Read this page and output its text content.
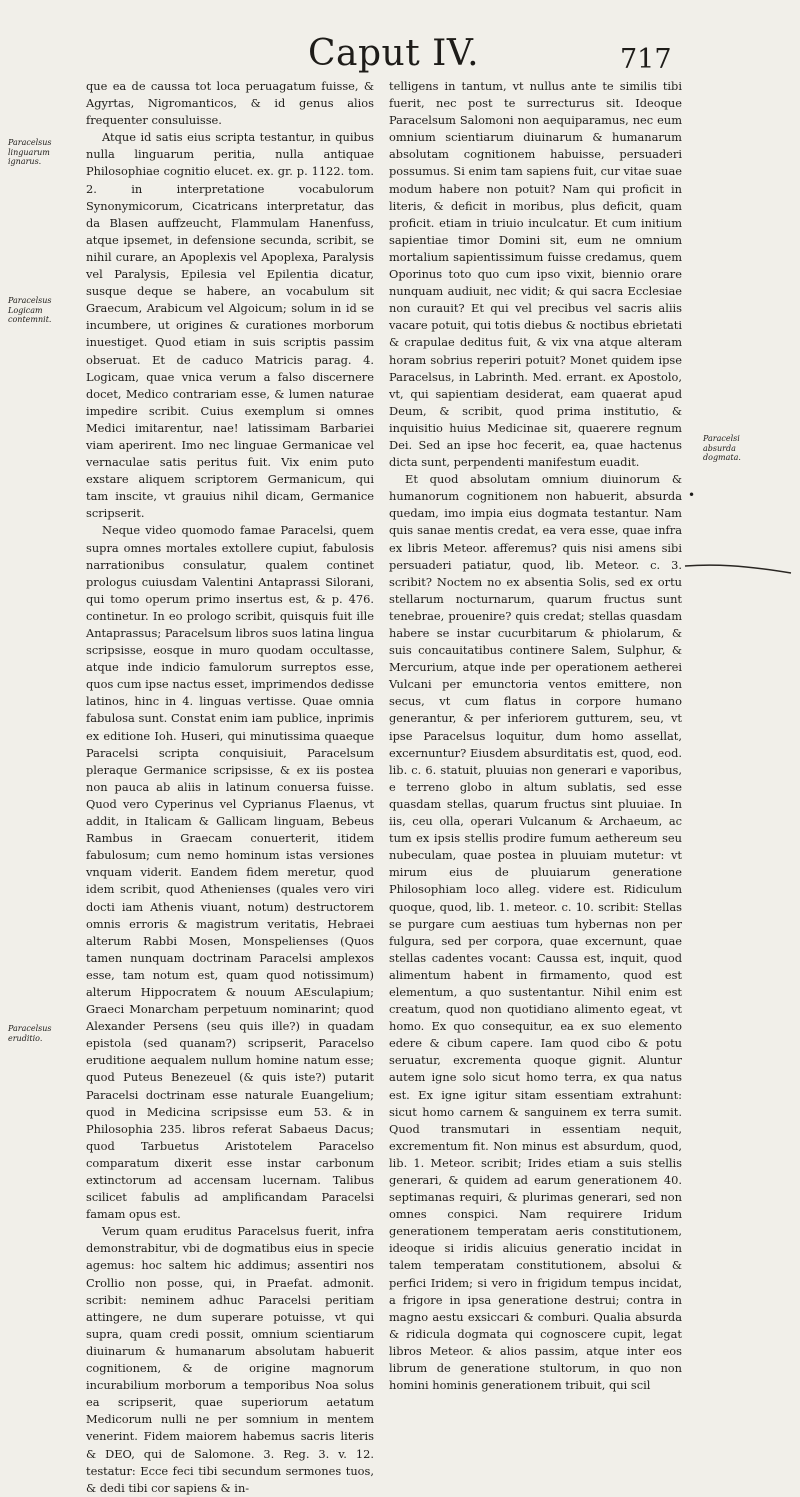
Caput IV.	717
Paracelsus linguarum ignarus.
Paracelsus Logicam contemnit.
Paracelsus eruditio.
Paracelsi absurda dogmata.

que ea de caussa tot loca peruagatum fuisse, & Agyrtas, Nigromanticos, & id genus alios frequenter consuluisse.

Atque id satis eius scripta testantur, in quibus nulla linguarum peritia, nulla antiquae Philosophiae cognitio elucet. ex. gr. p. 1122. tom. 2. in interpretatione vocabulorum Synonymicorum, Cicatricans interpretatur, das da Blasen auffzeucht, Flammulam Hanenfuss, atque ipsemet, in defensione secunda, scribit, se nihil curare, an Apoplexis vel Apoplexa, Paralysis vel Paralysis, Epilesia vel Epilentia dicatur, susque deque se habere, an vocabulum sit Graecum, Arabicum vel Algoicum; solum in id se incumbere, ut origines & curationes morborum inuestiget. Quod etiam in suis scriptis passim obseruat. Et de caduco Matricis parag. 4. Logicam, quae vnica verum a falso discernere docet, Medico contrariam esse, & lumen naturae impedire scribit. Cuius exemplum si omnes Medici imitarentur, nae! latissimam Barbariei viam aperirent. Imo nec linguae Germanicae vel vernaculae satis peritus fuit. Vix enim puto exstare aliquem scriptorem Germanicum, qui tam inscite, vt grauius nihil dicam, Germanice scripserit.

Neque video quomodo famae Paracelsi, quem supra omnes mortales extollere cupiut, fabulosis narrationibus consulatur, qualem continet prologus cuiusdam Valentini Antaprassi Silorani, qui tomo operum primo insertus est, & p. 476. continetur. In eo prologo scribit, quisquis fuit ille Antaprassus; Paracelsum libros suos latina lingua scripsisse, eosque in muro quodam occultasse, atque inde indicio famulorum surreptos esse, quos cum ipse nactus esset, imprimendos dedisse latinos, hinc in 4. linguas vertisse. Quae omnia fabulosa sunt. Constat enim iam publice, inprimis ex editione Ioh. Huseri, qui minutissima quaeque Paracelsi scripta conquisiuit, Paracelsum pleraque Germanice scripsisse, & ex iis postea non pauca ab aliis in latinum conuersa fuisse. Quod vero Cyperinus vel Cyprianus Flaenus, vt addit, in Italicam & Gallicam linguam, Bebeus Rambus in Graecam conuerterit, itidem fabulosum; cum nemo hominum istas versiones vnquam viderit. Eandem fidem meretur, quod idem scribit, quod Athenienses (quales vero viri docti iam Athenis viuant, notum) destructorem omnis erroris & magistrum veritatis, Hebraei alterum Rabbi Mosen, Monspelienses (Quos tamen nunquam doctrinam Paracelsi amplexos esse, tam notum est, quam quod notissimum) alterum Hippocratem & nouum AEsculapium; Graeci Monarcham perpetuum nominarint; quod Alexander Persens (seu quis ille?) in quadam epistola (sed quanam?) scripserit, Paracelso eruditione aequalem nullum homine natum esse; quod Puteus Benezeuel (& quis iste?) putarit Paracelsi doctrinam esse naturale Euangelium; quod in Medicina scripsisse eum 53. & in Philosophia 235. libros referat Sabaeus Dacus; quod Tarbuetus Aristotelem Paracelso comparatum dixerit esse instar carbonum extinctorum ad accensam lucernam. Talibus scilicet fabulis ad amplificandam Paracelsi famam opus est.

Verum quam eruditus Paracelsus fuerit, infra demonstrabitur, vbi de dogmatibus eius in specie agemus: hoc saltem hic addimus; assentiri nos Crollio non posse, qui, in Praefat. admonit. scribit: neminem adhuc Paracelsi peritiam attingere, ne dum superare potuisse, vt qui supra, quam credi possit, omnium scientiarum diuinarum & humanarum absolutam habuerit cognitionem, & de origine magnorum incurabilium morborum a temporibus Noa solus ea scripserit, quae superiorum aetatum Medicorum nulli ne per somnium in mentem venerint. Fidem maiorem habemus sacris literis & DEO, qui de Salomone. 3. Reg. 3. v. 12. testatur: Ecce feci tibi secundum sermones tuos, & dedi tibi cor sapiens & in-

telligens in tantum, vt nullus ante te similis tibi fuerit, nec post te surrecturus sit. Ideoque Paracelsum Salomoni non aequiparamus, nec eum omnium scientiarum diuinarum & humanarum absolutam cognitionem habuisse, persuaderi possumus. Si enim tam sapiens fuit, cur vitae suae modum habere non potuit? Nam qui proficit in literis, & deficit in moribus, plus deficit, quam proficit. etiam in triuio inculcatur. Et cum initium sapientiae timor Domini sit, eum ne omnium mortalium sapientissimum fuisse credamus, quem Oporinus toto quo cum ipso vixit, biennio orare nunquam audiuit, nec vidit; & qui sacra Ecclesiae non curauit? Et qui vel precibus vel sacris aliis vacare potuit, qui totis diebus & noctibus ebrietati & crapulae deditus fuit, & vix vna atque alteram horam sobrius reperiri potuit? Monet quidem ipse Paracelsus, in Labrinth. Med. errant. ex Apostolo, vt, qui sapientiam desiderat, eam quaerat apud Deum, & scribit, quod prima institutio, & inquisitio huius Medicinae sit, quaerere regnum Dei. Sed an ipse hoc fecerit, ea, quae hactenus dicta sunt, perpendenti manifestum euadit.

Et quod absolutam omnium diuinorum & humanorum cognitionem non habuerit, absurda quedam, imo impia eius dogmata testantur. Nam quis sanae mentis credat, ea vera esse, quae infra ex libris Meteor. afferemus? quis nisi amens sibi persuaderi patiatur, quod, lib. Meteor. c. 3. scribit? Noctem no ex absentia Solis, sed ex ortu stellarum nocturnarum, quarum fructus sunt tenebrae, prouenire? quis credat; stellas quasdam habere se instar cucurbitarum & phiolarum, & suis concauitatibus continere Salem, Sulphur, & Mercurium, atque inde per operationem aetherei Vulcani per emunctoria ventos emittere, non secus, vt cum flatus in corpore humano generantur, & per inferiorem gutturem, seu, vt ipse Paracelsus loquitur, dum homo assellat, excernuntur? Eiusdem absurditatis est, quod, eod. lib. c. 6. statuit, pluuias non generari e vaporibus, e terreno globo in altum sublatis, sed esse quasdam stellas, quarum fructus sint pluuiae. In iis, ceu olla, operari Vulcanum & Archaeum, ac tum ex ipsis stellis prodire fumum aethereum seu nubeculam, quae postea in pluuiam mutetur: vt mirum eius de pluuiarum generatione Philosophiam loco alleg. videre est. Ridiculum quoque, quod, lib. 1. meteor. c. 10. scribit: Stellas se purgare cum aestiuas tum hybernas non per fulgura, sed per corpora, quae excernunt, quae stellas cadentes vocant: Caussa est, inquit, quod alimentum habent in firmamento, quod est elementum, a quo sustentantur. Nihil enim est creatum, quod non quotidiano alimento egeat, vt homo. Ex quo consequitur, ea ex suo elemento edere & cibum capere. Iam quod cibo & potu seruatur, excrementa quoque gignit. Aluntur autem igne solo sicut homo terra, ex qua natus est. Ex igne igitur sitam essentiam extrahunt: sicut homo carnem & sanguinem ex terra sumit. Quod transmutari in essentiam nequit, excrementum fit. Non minus est absurdum, quod, lib. 1. Meteor. scribit; Irides etiam a suis stellis generari, & quidem ad earum generationem 40. septimanas requiri, & plurimas generari, sed non omnes conspici. Nam requirere Iridum generationem temperatam aeris constitutionem, ideoque si iridis alicuius generatio incidat in talem temperatam constitutionem, absolui & perfici Iridem; si vero in frigidum tempus incidat, a frigore in ipsa generatione destrui; contra in magno aestu exsiccari & comburi. Qualia absurda & ridicula dogmata qui cognoscere cupit, legat libros Meteor. & alios passim, atque inter eos librum de generatione stultorum, in quo non homini hominis generationem tribuit, qui scil

•
